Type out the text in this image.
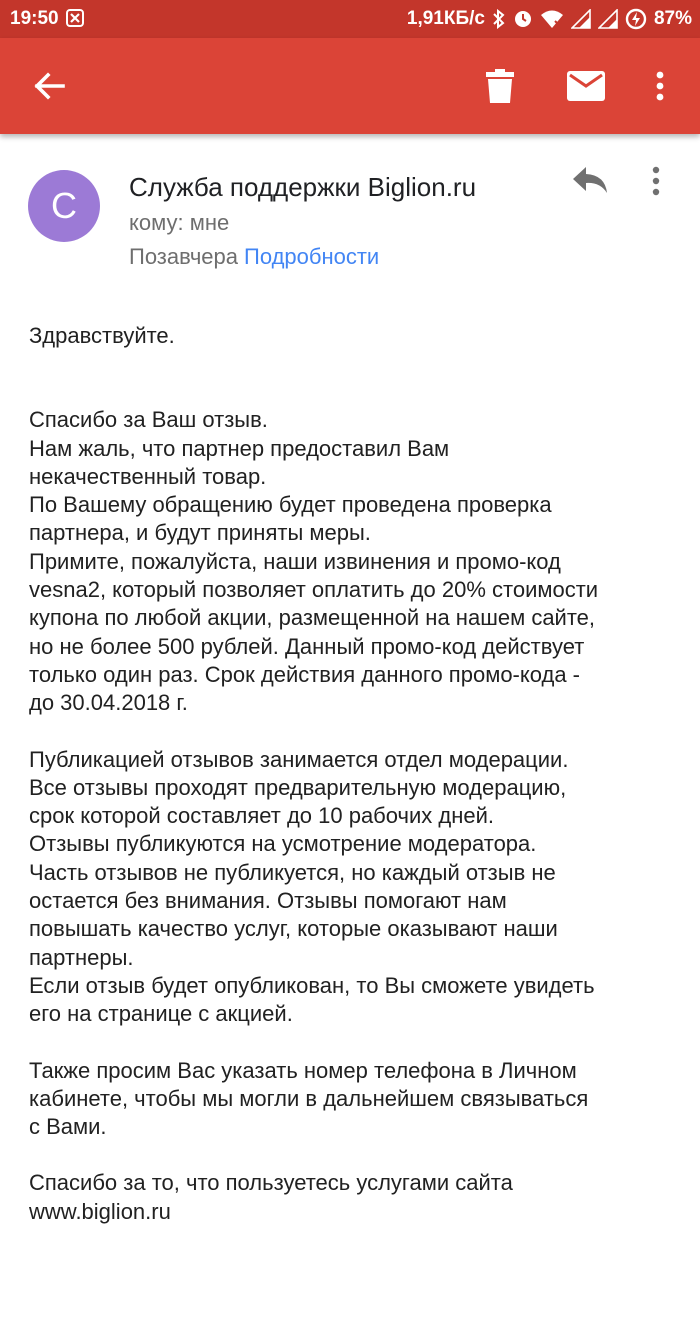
19:50	1,91КБ/с	87%
С	Служба поддержки Biglion.ru
кому: мне
Позавчера Подробности

Здравствуйте.

Спасибо за Ваш отзыв.
Нам жаль, что партнер предоставил Вам
некачественный товар.
По Вашему обращению будет проведена проверка
партнера, и будут приняты меры.
Примите, пожалуйста, наши извинения и промо-код
vesna2, который позволяет оплатить до 20% стоимости
купона по любой акции, размещенной на нашем сайте,
но не более 500 рублей. Данный промо-код действует
только один раз. Срок действия данного промо-кода -
до 30.04.2018 г.

Публикацией отзывов занимается отдел модерации.
Все отзывы проходят предварительную модерацию,
срок которой составляет до 10 рабочих дней.
Отзывы публикуются на усмотрение модератора.
Часть отзывов не публикуется, но каждый отзыв не
остается без внимания. Отзывы помогают нам
повышать качество услуг, которые оказывают наши
партнеры.
Если отзыв будет опубликован, то Вы сможете увидеть
его на странице с акцией.

Также просим Вас указать номер телефона в Личном
кабинете, чтобы мы могли в дальнейшем связываться
с Вами.

Спасибо за то, что пользуетесь услугами сайта
www.biglion.ru
